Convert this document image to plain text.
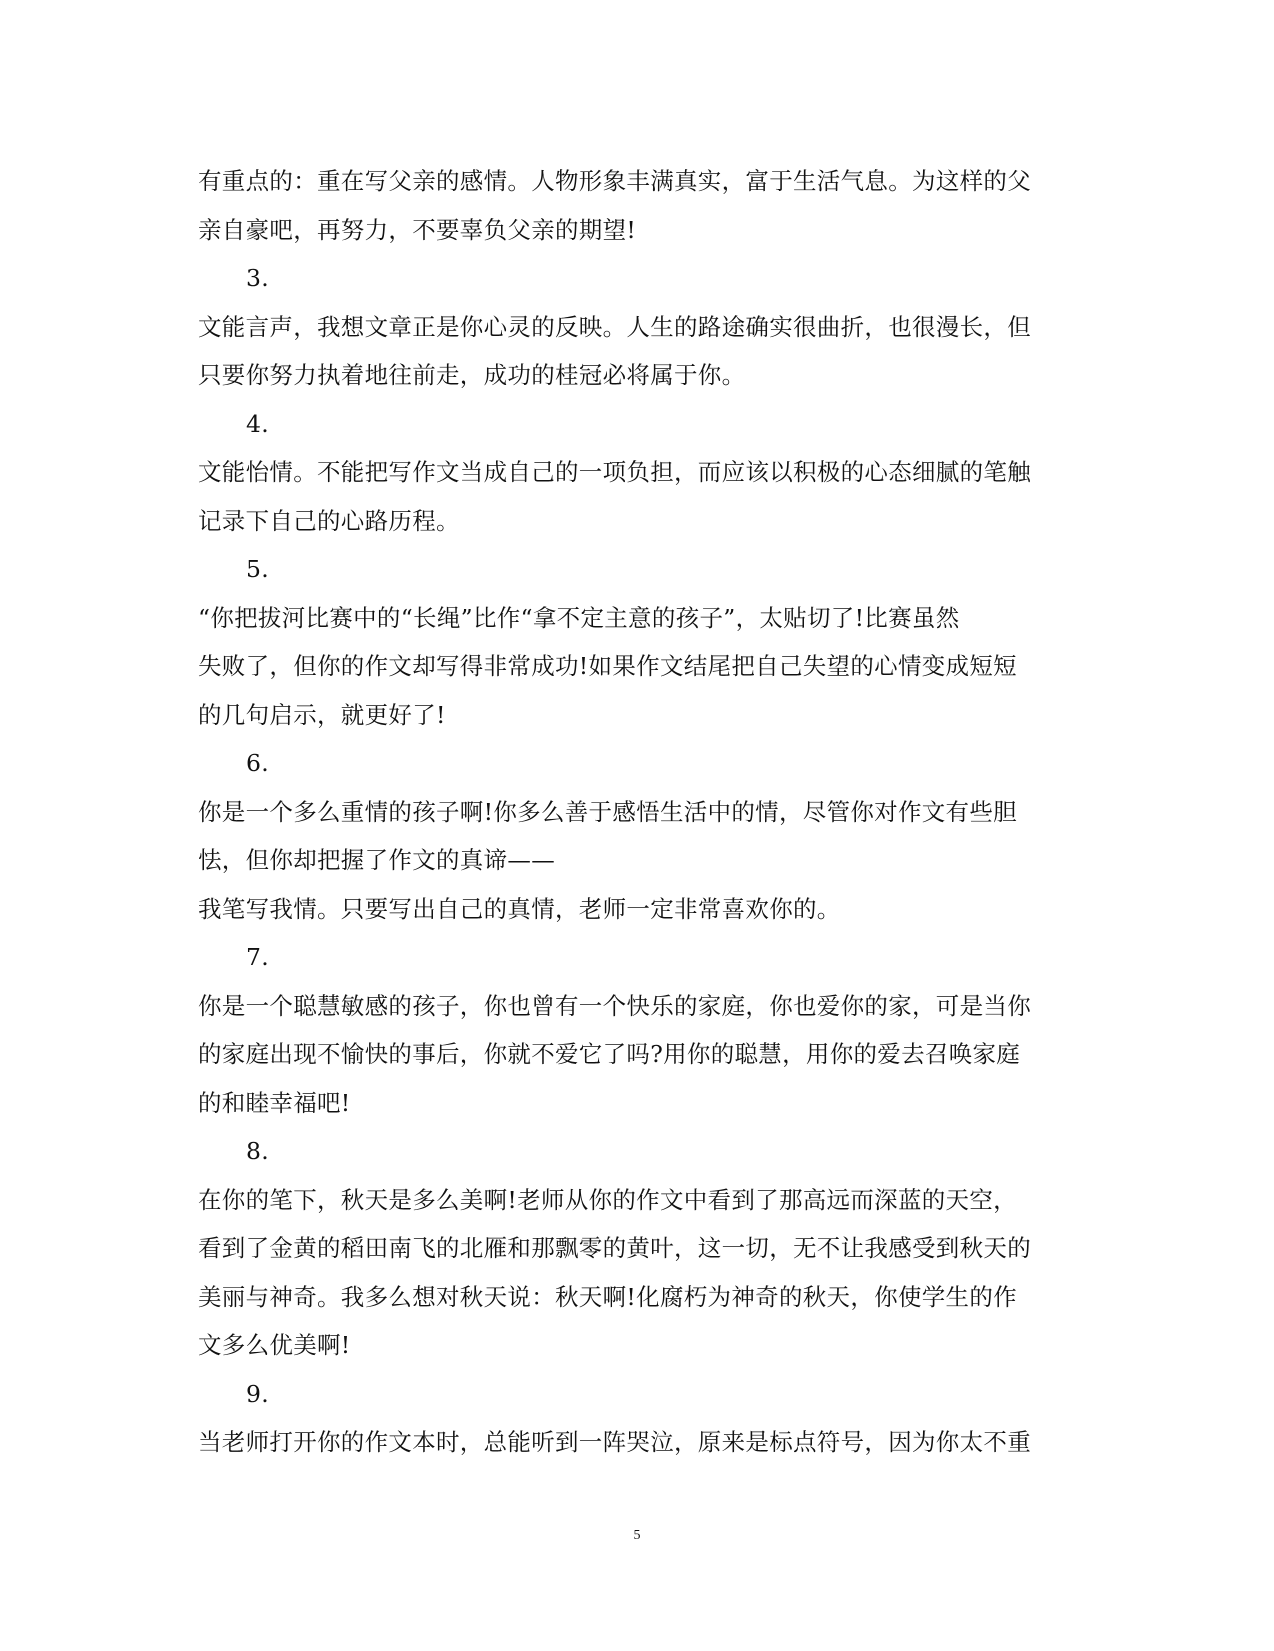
有重点的：重在写父亲的感情。人物形象丰满真实，富于生活气息。为这样的父
亲自豪吧，再努力，不要辜负父亲的期望!
3.
文能言声，我想文章正是你心灵的反映。人生的路途确实很曲折，也很漫长，但
只要你努力执着地往前走，成功的桂冠必将属于你。
4.
文能怡情。不能把写作文当成自己的一项负担，而应该以积极的心态细腻的笔触
记录下自己的心路历程。
5.
“你把拔河比赛中的“长绳”比作“拿不定主意的孩子”，太贴切了!比赛虽然
失败了，但你的作文却写得非常成功!如果作文结尾把自己失望的心情变成短短
的几句启示，就更好了!
6.
你是一个多么重情的孩子啊!你多么善于感悟生活中的情，尽管你对作文有些胆
怯，但你却把握了作文的真谛——
我笔写我情。只要写出自己的真情，老师一定非常喜欢你的。
7.
你是一个聪慧敏感的孩子，你也曾有一个快乐的家庭，你也爱你的家，可是当你
的家庭出现不愉快的事后，你就不爱它了吗?用你的聪慧，用你的爱去召唤家庭
的和睦幸福吧!
8.
在你的笔下，秋天是多么美啊!老师从你的作文中看到了那高远而深蓝的天空，
看到了金黄的稻田南飞的北雁和那飘零的黄叶，这一切，无不让我感受到秋天的
美丽与神奇。我多么想对秋天说：秋天啊!化腐朽为神奇的秋天，你使学生的作
文多么优美啊!
9.
当老师打开你的作文本时，总能听到一阵哭泣，原来是标点符号，因为你太不重
5
